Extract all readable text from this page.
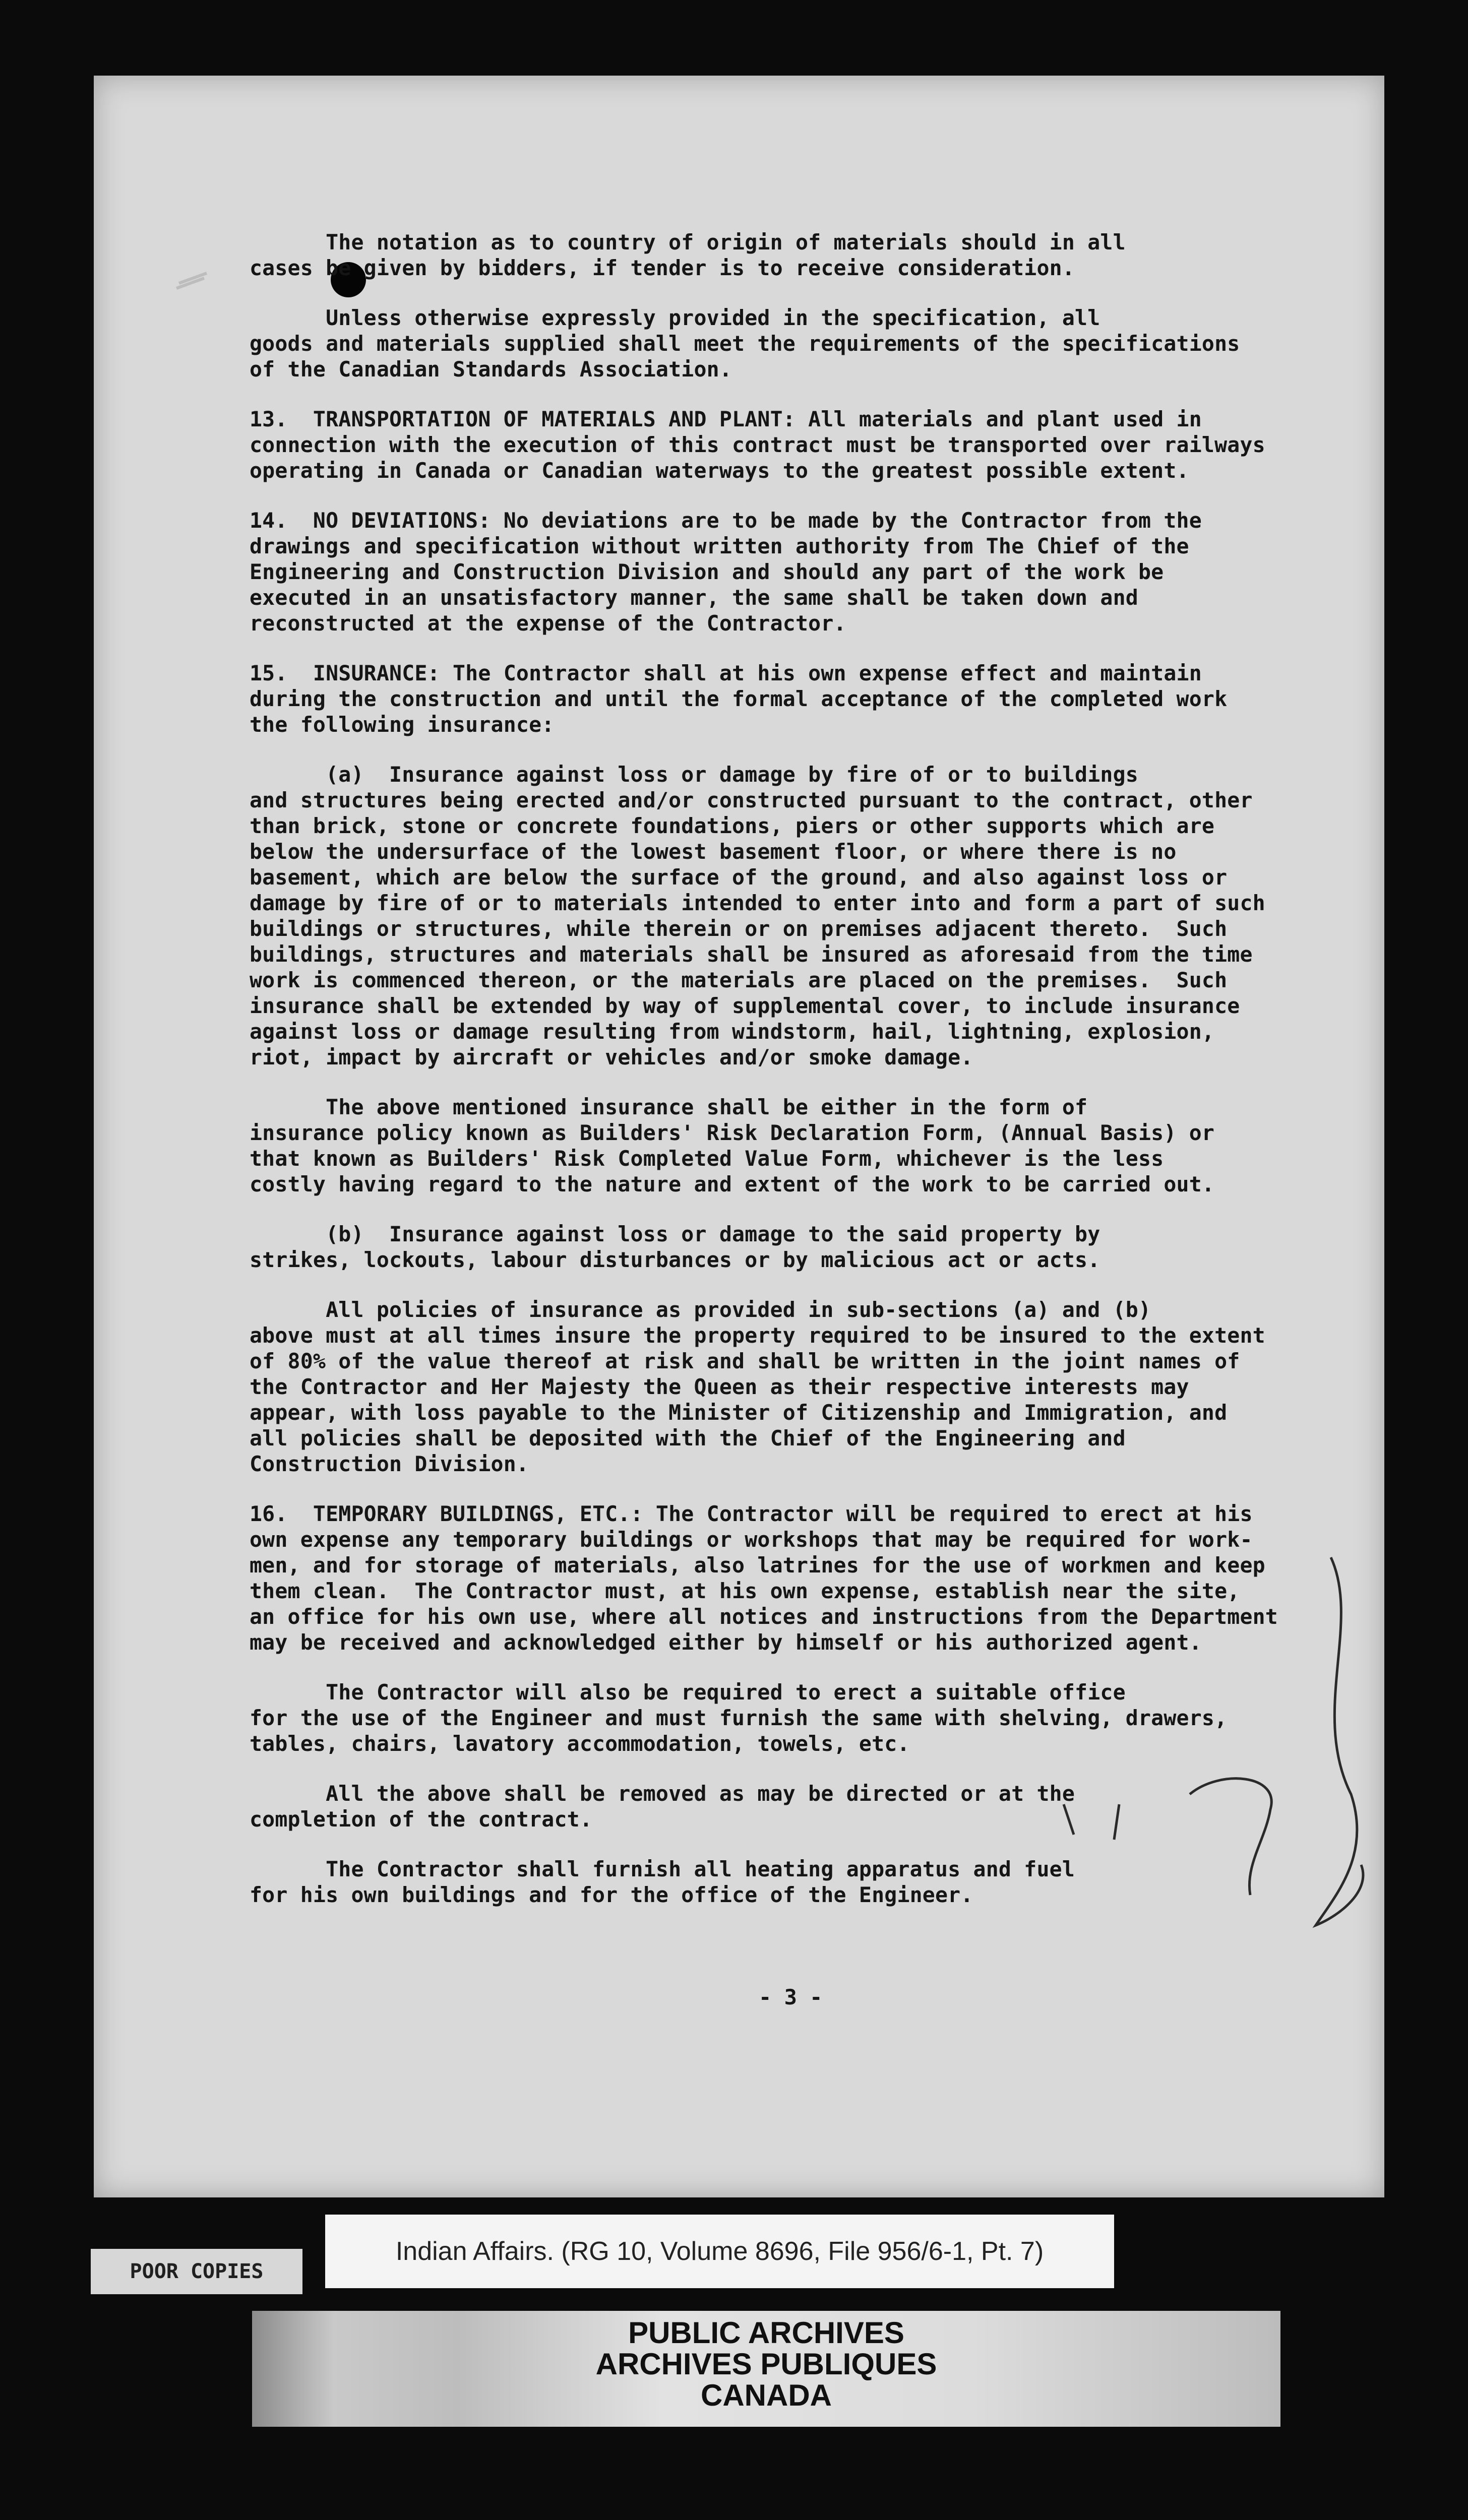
The notation as to country of origin of materials should in all
cases be given by bidders, if tender is to receive consideration.
Unless otherwise expressly provided in the specification, all
goods and materials supplied shall meet the requirements of the specifications
of the Canadian Standards Association.
13.  TRANSPORTATION OF MATERIALS AND PLANT: All materials and plant used in
connection with the execution of this contract must be transported over railways
operating in Canada or Canadian waterways to the greatest possible extent.
14.  NO DEVIATIONS: No deviations are to be made by the Contractor from the
drawings and specification without written authority from The Chief of the
Engineering and Construction Division and should any part of the work be
executed in an unsatisfactory manner, the same shall be taken down and
reconstructed at the expense of the Contractor.
15.  INSURANCE: The Contractor shall at his own expense effect and maintain
during the construction and until the formal acceptance of the completed work
the following insurance:
(a)  Insurance against loss or damage by fire of or to buildings
and structures being erected and/or constructed pursuant to the contract, other
than brick, stone or concrete foundations, piers or other supports which are
below the undersurface of the lowest basement floor, or where there is no
basement, which are below the surface of the ground, and also against loss or
damage by fire of or to materials intended to enter into and form a part of such
buildings or structures, while therein or on premises adjacent thereto.  Such
buildings, structures and materials shall be insured as aforesaid from the time
work is commenced thereon, or the materials are placed on the premises.  Such
insurance shall be extended by way of supplemental cover, to include insurance
against loss or damage resulting from windstorm, hail, lightning, explosion,
riot, impact by aircraft or vehicles and/or smoke damage.
The above mentioned insurance shall be either in the form of
insurance policy known as Builders' Risk Declaration Form, (Annual Basis) or
that known as Builders' Risk Completed Value Form, whichever is the less
costly having regard to the nature and extent of the work to be carried out.
(b)  Insurance against loss or damage to the said property by
strikes, lockouts, labour disturbances or by malicious act or acts.
All policies of insurance as provided in sub-sections (a) and (b)
above must at all times insure the property required to be insured to the extent
of 80% of the value thereof at risk and shall be written in the joint names of
the Contractor and Her Majesty the Queen as their respective interests may
appear, with loss payable to the Minister of Citizenship and Immigration, and
all policies shall be deposited with the Chief of the Engineering and
Construction Division.
16.  TEMPORARY BUILDINGS, ETC.: The Contractor will be required to erect at his
own expense any temporary buildings or workshops that may be required for work-
men, and for storage of materials, also latrines for the use of workmen and keep
them clean.  The Contractor must, at his own expense, establish near the site,
an office for his own use, where all notices and instructions from the Department
may be received and acknowledged either by himself or his authorized agent.
The Contractor will also be required to erect a suitable office
for the use of the Engineer and must furnish the same with shelving, drawers,
tables, chairs, lavatory accommodation, towels, etc.
All the above shall be removed as may be directed or at the
completion of the contract.
The Contractor shall furnish all heating apparatus and fuel
for his own buildings and for the office of the Engineer.
- 3 -
Indian Affairs. (RG 10, Volume 8696, File 956/6-1, Pt. 7)
POOR COPIES
PUBLIC ARCHIVES
ARCHIVES PUBLIQUES
CANADA
